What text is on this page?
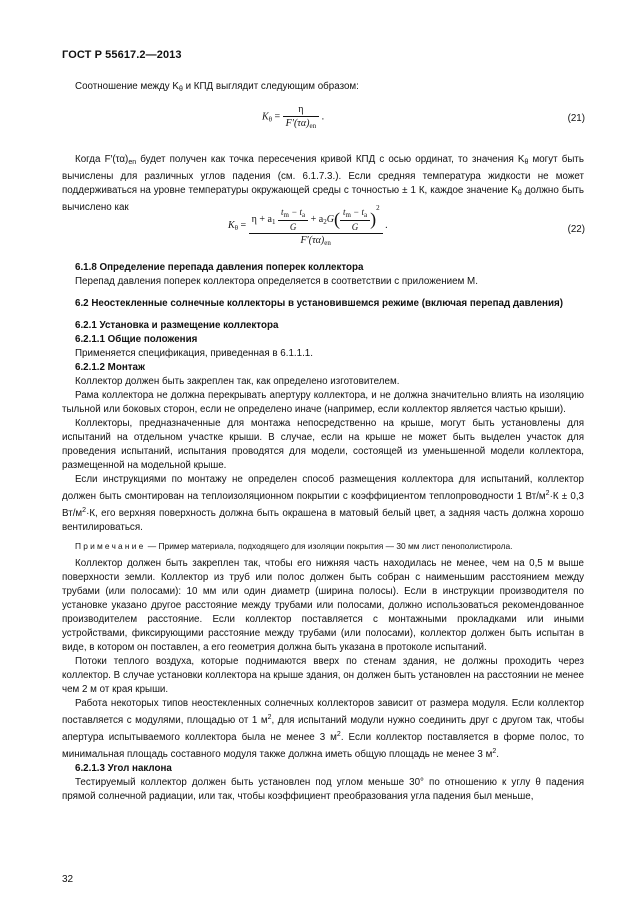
ГОСТ Р 55617.2—2013

Соотношение между $K_\theta$ и КПД выглядит следующим образом:

$K_\theta = \frac{\eta}{F'(\tau\alpha)_{en}}$ .	(21)

Когда $F'(\tau\alpha)_{en}$ будет получен как точка пересечения кривой КПД с осью ординат, то значения $K_\theta$ могут быть вычислены для различных углов падения (см. 6.1.7.3.). Если средняя температура жидкости не может поддерживаться на уровне температуры окружающей среды с точностью ± 1 К, каждое значение $K_\theta$ должно быть вычислено как

$K_\theta$ =
$\eta + a_1 \frac{t_m - t_a}{G} + a_2G( \frac{t_m - t_a}{G} )^2$
$F'(\tau\alpha)_{en}$
.	(22)

6.1.8 Определение перепада давления поперек коллектора

Перепад давления поперек коллектора определяется в соответствии с приложением М.

6.2 Неостекленные солнечные коллекторы в установившемся режиме (включая перепад давления)

6.2.1 Установка и размещение коллектора

6.2.1.1 Общие положения

Применяется спецификация, приведенная в 6.1.1.1.

6.2.1.2 Монтаж

Коллектор должен быть закреплен так, как определено изготовителем.

Рама коллектора не должна перекрывать апертуру коллектора, и не должна значительно влиять на изоляцию тыльной или боковых сторон, если не определено иначе (например, если коллектор является частью крыши).

Коллекторы, предназначенные для монтажа непосредственно на крыше, могут быть установлены для испытаний на отдельном участке крыши. В случае, если на крыше не может быть выделен участок для проведения испытаний, испытания проводятся для модели, состоящей из уменьшенной модели коллектора, размещенной на модельной крыше.

Если инструкциями по монтажу не определен способ размещения коллектора для испытаний, коллектор должен быть смонтирован на теплоизоляционном покрытии с коэффициентом теплопроводности 1 $Вт/м^2\cdot К \pm 0,3$ $Вт/м^2\cdot К$, его верхняя поверхность должна быть окрашена в матовый белый цвет, а задняя часть должна хорошо вентилироваться.

Примечание — Пример материала, подходящего для изоляции покрытия — 30 мм лист пенополистирола.

Коллектор должен быть закреплен так, чтобы его нижняя часть находилась не менее, чем на 0,5 м выше поверхности земли. Коллектор из труб или полос должен быть собран с наименьшим расстоянием между трубами (или полосами): 10 мм или один диаметр (ширина полосы). Если в инструкции производителя по установке указано другое расстояние между трубами или полосами, должно использоваться рекомендованное производителем расстояние. Если коллектор поставляется с монтажными прокладками или иными устройствами, фиксирующими расстояние между трубами (или полосами), коллектор должен быть испытан в виде, в котором он поставлен, а его геометрия должна быть указана в протоколе испытаний.

Потоки теплого воздуха, которые поднимаются вверх по стенам здания, не должны проходить через коллектор. В случае установки коллектора на крыше здания, он должен быть установлен на расстоянии не менее чем 2 м от края крыши.

Работа некоторых типов неостекленных солнечных коллекторов зависит от размера модуля. Если коллектор поставляется с модулями, площадью от 1 $м^2$, для испытаний модули нужно соединить друг с другом так, чтобы апертура испытываемого коллектора была не менее 3 $м^2$. Если коллектор поставляется в форме полос, то минимальная площадь составного модуля также должна иметь общую площадь не менее 3 $м^2$.

6.2.1.3 Угол наклона

Тестируемый коллектор должен быть установлен под углом меньше 30° по отношению к углу θ падения прямой солнечной радиации, или так, чтобы коэффициент преобразования угла падения был меньше,

32
